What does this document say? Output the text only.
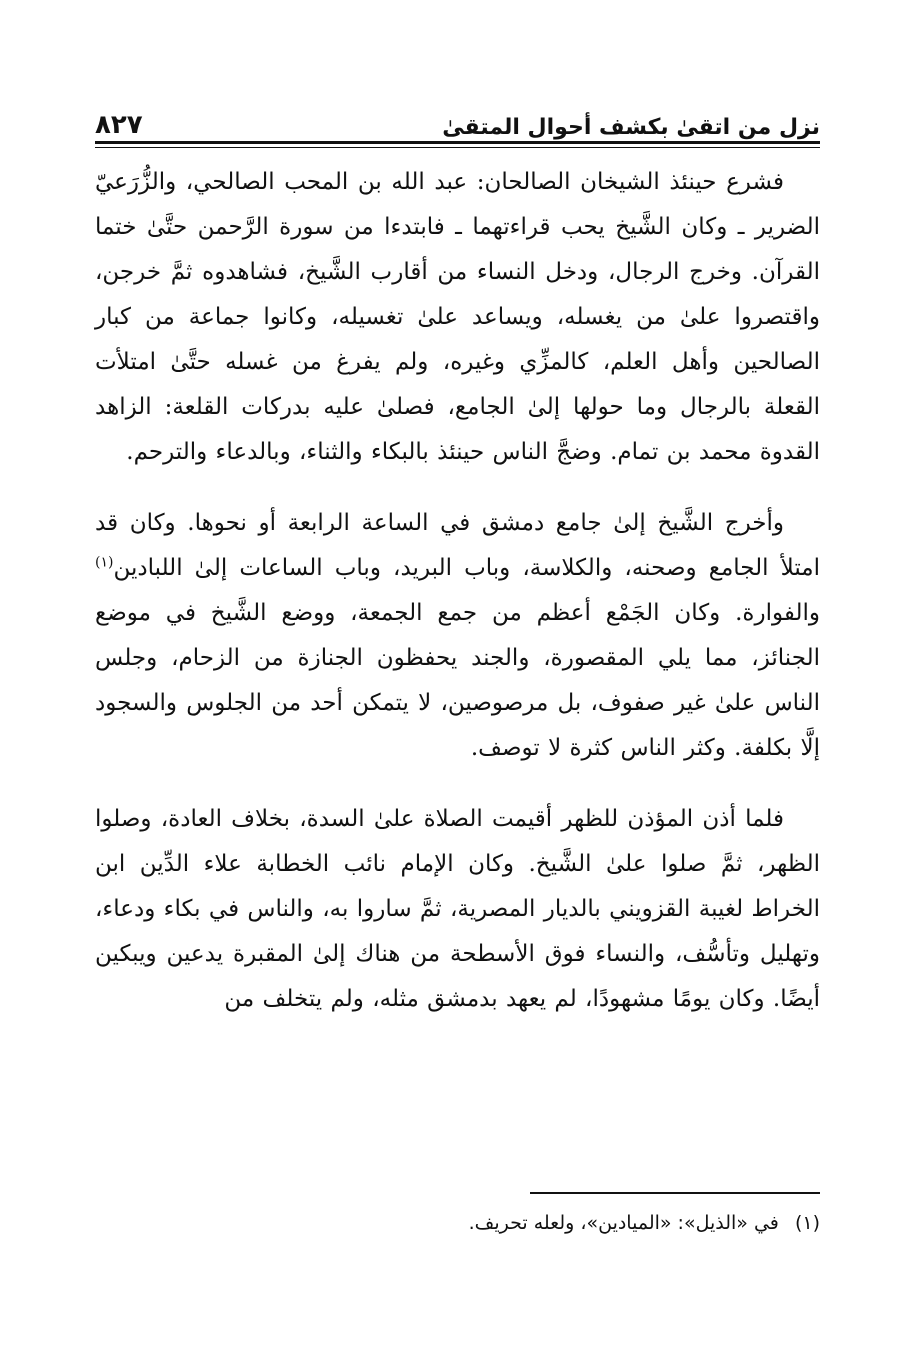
نزل من اتقىٰ بكشف أحوال المتقىٰ
٨٢٧

فشرع حينئذ الشيخان الصالحان: عبد الله بن المحب الصالحي، والزُّرَعيّ الضرير ـ وكان الشَّيخ يحب قراءتهما ـ فابتدءا من سورة الرَّحمن حتَّىٰ ختما القرآن. وخرج الرجال، ودخل النساء من أقارب الشَّيخ، فشاهدوه ثمَّ خرجن، واقتصروا علىٰ من يغسله، ويساعد علىٰ تغسيله، وكانوا جماعة من كبار الصالحين وأهل العلم، كالمزِّي وغيره، ولم يفرغ من غسله حتَّىٰ امتلأت القعلة بالرجال وما حولها إلىٰ الجامع، فصلىٰ عليه بدركات القلعة: الزاهد القدوة محمد بن تمام. وضجَّ الناس حينئذ بالبكاء والثناء، وبالدعاء والترحم.

وأخرج الشَّيخ إلىٰ جامع دمشق في الساعة الرابعة أو نحوها. وكان قد امتلأ الجامع وصحنه، والكلاسة، وباب البريد، وباب الساعات إلىٰ اللبادين$^{(١)}$ والفوارة. وكان الجَمْع أعظم من جمع الجمعة، ووضع الشَّيخ في موضع الجنائز، مما يلي المقصورة، والجند يحفظون الجنازة من الزحام، وجلس الناس علىٰ غير صفوف، بل مرصوصين، لا يتمكن أحد من الجلوس والسجود إلَّا بكلفة. وكثر الناس كثرة لا توصف.

فلما أذن المؤذن للظهر أقيمت الصلاة علىٰ السدة، بخلاف العادة، وصلوا الظهر، ثمَّ صلوا علىٰ الشَّيخ. وكان الإمام نائب الخطابة علاء الدِّين ابن الخراط لغيبة القزويني بالديار المصرية، ثمَّ ساروا به، والناس في بكاء ودعاء، وتهليل وتأسُّف، والنساء فوق الأسطحة من هناك إلىٰ المقبرة يدعين ويبكين أيضًا. وكان يومًا مشهودًا، لم يعهد بدمشق مثله، ولم يتخلف من

(١) في «الذيل»: «الميادين»، ولعله تحريف.
